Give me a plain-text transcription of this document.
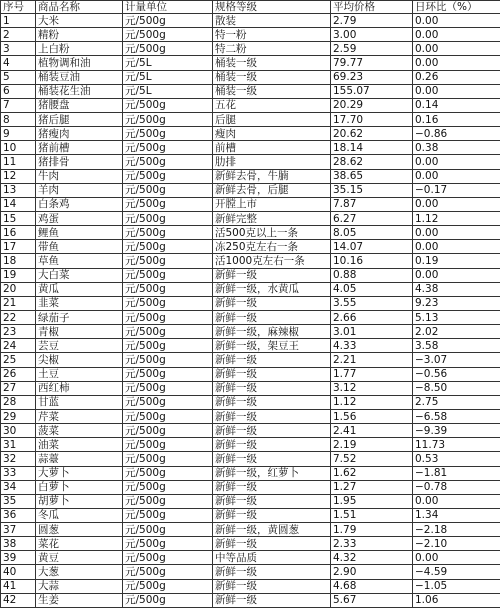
序号	商品名称	计量单位	规格等级	平均价格	日环比（%）
1	大米	元/500g	散装	2.79	0.00
2	精粉	元/500g	特一粉	3.00	0.00
3	上白粉	元/500g	特二粉	2.59	0.00
4	植物调和油	元/5L	桶装一级	79.77	0.00
5	桶装豆油	元/5L	桶装一级	69.23	0.26
6	桶装花生油	元/5L	桶装一级	155.07	0.00
7	猪腰盘	元/500g	五花	20.29	0.14
8	猪后腿	元/500g	后腿	17.70	0.16
9	猪瘦肉	元/500g	瘦肉	20.62	−0.86
10	猪前槽	元/500g	前槽	18.14	0.38
11	猪排骨	元/500g	肋排	28.62	0.00
12	牛肉	元/500g	新鲜去骨，牛腩	38.65	0.00
13	羊肉	元/500g	新鲜去骨，后腿	35.15	−0.17
14	白条鸡	元/500g	开膛上市	7.87	0.00
15	鸡蛋	元/500g	新鲜完整	6.27	1.12
16	鲤鱼	元/500g	活500克以上一条	8.05	0.00
17	带鱼	元/500g	冻250克左右一条	14.07	0.00
18	草鱼	元/500g	活1000克左右一条	10.16	0.19
19	大白菜	元/500g	新鲜一级	0.88	0.00
20	黄瓜	元/500g	新鲜一级，水黄瓜	4.05	4.38
21	韭菜	元/500g	新鲜一级	3.55	9.23
22	绿茄子	元/500g	新鲜一级	2.66	5.13
23	青椒	元/500g	新鲜一级，麻辣椒	3.01	2.02
24	芸豆	元/500g	新鲜一级，架豆王	4.33	3.58
25	尖椒	元/500g	新鲜一级	2.21	−3.07
26	土豆	元/500g	新鲜一级	1.77	−0.56
27	西红柿	元/500g	新鲜一级	3.12	−8.50
28	甘蓝	元/500g	新鲜一级	1.12	2.75
29	芹菜	元/500g	新鲜一级	1.56	−6.58
30	菠菜	元/500g	新鲜一级	2.41	−9.39
31	油菜	元/500g	新鲜一级	2.19	11.73
32	蒜薹	元/500g	新鲜一级	7.52	0.53
33	大萝卜	元/500g	新鲜一级，红萝卜	1.62	−1.81
34	白萝卜	元/500g	新鲜一级	1.27	−0.78
35	胡萝卜	元/500g	新鲜一级	1.95	0.00
36	冬瓜	元/500g	新鲜一级	1.51	1.34
37	圆葱	元/500g	新鲜一级，黄圆葱	1.79	−2.18
38	菜花	元/500g	新鲜一级	2.33	−2.10
39	黄豆	元/500g	中等品质	4.32	0.00
40	大葱	元/500g	新鲜一级	2.90	−4.59
41	大蒜	元/500g	新鲜一级	4.68	−1.05
42	生姜	元/500g	新鲜一级	5.67	1.06
